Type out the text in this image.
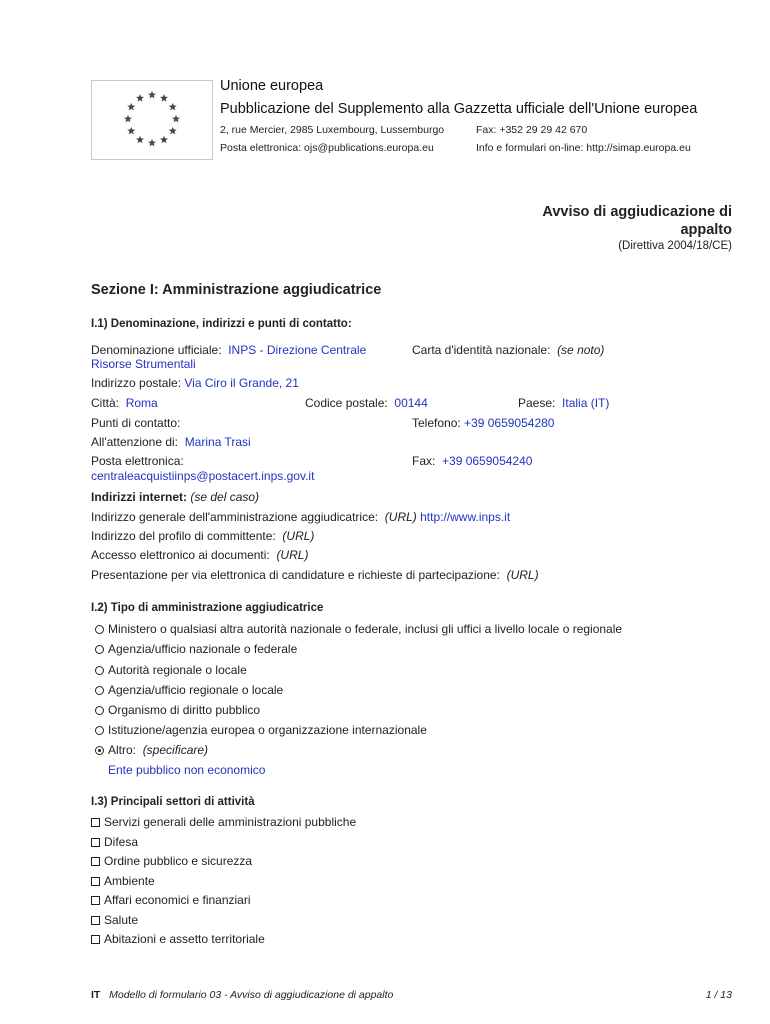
Unione europea
Pubblicazione del Supplemento alla Gazzetta ufficiale dell'Unione europea
2, rue Mercier, 2985 Luxembourg, Lussemburgo	Fax: +352 29 29 42 670
Posta elettronica: ojs@publications.europa.eu	Info e formulari on-line: http://simap.europa.eu
Avviso di aggiudicazione di
appalto
(Direttiva 2004/18/CE)
Sezione I: Amministrazione aggiudicatrice
I.1) Denominazione, indirizzi e punti di contatto:
Denominazione ufficiale: INPS - Direzione Centrale
Risorse Strumentali
Carta d'identità nazionale: (se noto)
Indirizzo postale: Via Ciro il Grande, 21
Città: Roma	Codice postale: 00144	Paese: Italia (IT)
Punti di contatto:	Telefono: +39 0659054280
All'attenzione di: Marina Trasi
Posta elettronica:
centraleacquistiinps@postacert.inps.gov.it
Fax: +39 0659054240
Indirizzi internet: (se del caso)
Indirizzo generale dell'amministrazione aggiudicatrice: (URL) http://www.inps.it
Indirizzo del profilo di committente: (URL)
Accesso elettronico ai documenti: (URL)
Presentazione per via elettronica di candidature e richieste di partecipazione: (URL)
I.2) Tipo di amministrazione aggiudicatrice
Ministero o qualsiasi altra autorità nazionale o federale, inclusi gli uffici a livello locale o regionale
Agenzia/ufficio nazionale o federale
Autorità regionale o locale
Agenzia/ufficio regionale o locale
Organismo di diritto pubblico
Istituzione/agenzia europea o organizzazione internazionale
Altro: (specificare)
Ente pubblico non economico
I.3) Principali settori di attività
Servizi generali delle amministrazioni pubbliche
Difesa
Ordine pubblico e sicurezza
Ambiente
Affari economici e finanziari
Salute
Abitazioni e assetto territoriale
IT Modello di formulario 03 - Avviso di aggiudicazione di appalto	1 / 13
